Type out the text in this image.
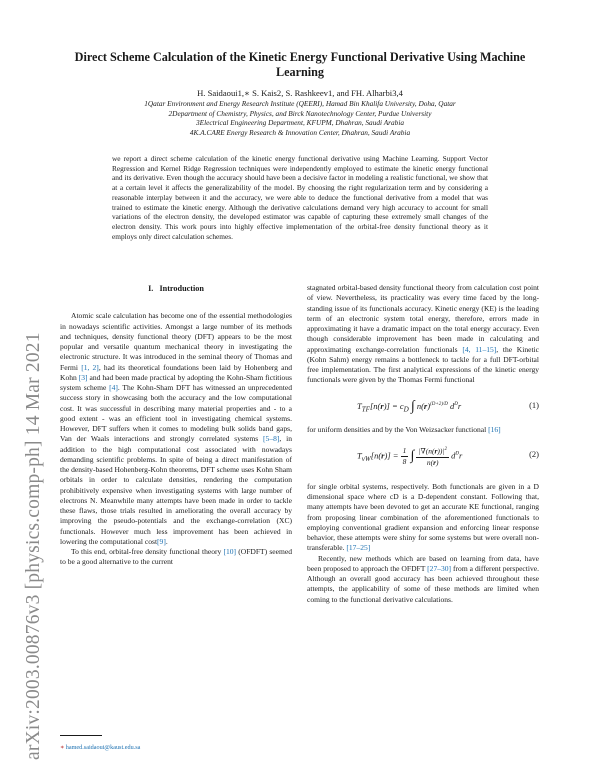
arXiv:2003.00876v3 [physics.comp-ph] 14 Mar 2021
Direct Scheme Calculation of the Kinetic Energy Functional Derivative Using Machine Learning
H. Saidaoui1,∗ S. Kais2, S. Rashkeev1, and FH. Alharbi3,4
1Qatar Environment and Energy Research Institute (QEERI), Hamad Bin Khalifa University, Doha, Qatar
2Department of Chemistry, Physics, and Birck Nanotechnology Center, Purdue University
3Electrical Engineering Department, KFUPM, Dhahran, Saudi Arabia
4K.A.CARE Energy Research & Innovation Center, Dhahran, Saudi Arabia
we report a direct scheme calculation of the kinetic energy functional derivative using Machine Learning. Support Vector Regression and Kernel Ridge Regression techniques were independently employed to estimate the kinetic energy functional and its derivative. Even though the accuracy should have been a decisive factor in modeling a realistic functional, we show that at a certain level it affects the generalizability of the model. By choosing the right regularization term and by considering a reasonable interplay between it and the accuracy, we were able to deduce the functional derivative from a model that was trained to estimate the kinetic energy. Although the derivative calculations demand very high accuracy to account for small variations of the electron density, the developed estimator was capable of capturing these extremely small changes of the electron density. This work pours into highly effective implementation of the orbital-free density functional theory as it employs only direct calculation schemes.
I. Introduction

Atomic scale calculation has become one of the essential methodologies in nowadays scientific activities. Amongst a large number of its methods and techniques, density functional theory (DFT) appears to be the most popular and versatile quantum mechanical theory in investigating the electronic structure. It was introduced in the seminal theory of Thomas and Fermi [1, 2], had its theoretical foundations been laid by Hohenberg and Kohn [3] and had been made practical by adopting the Kohn-Sham fictitious system scheme [4]. The Kohn-Sham DFT has witnessed an unprecedented success story in showcasing both the accuracy and the low computational cost. It was successful in describing many material properties and - to a good extent - was an efficient tool in investigating chemical systems. However, DFT suffers when it comes to modeling bulk solids band gaps, Van der Waals interactions and strongly correlated systems [5–8], in addition to the high computational cost associated with nowadays demanding scientific problems. In spite of being a direct manifestation of the density-based Hohenberg-Kohn theorems, DFT scheme uses Kohn Sham orbitals in order to calculate densities, rendering the computation prohibitively expensive when investigating systems with large number of electrons N. Meanwhile many attempts have been made in order to tackle these flaws, those trials resulted in ameliorating the overall accuracy by improving the pseudo-potentials and the exchange-correlation (XC) functionals. However much less improvement has been achieved in lowering the computational cost[9].

To this end, orbital-free density functional theory [10] (OFDFT) seemed to be a good alternative to the current

stagnated orbital-based density functional theory from calculation cost point of view. Nevertheless, its practicality was every time faced by the long-standing issue of its functionals accuracy. Kinetic energy (KE) is the leading term of an electronic system total energy, therefore, errors made in approximating it have a dramatic impact on the total energy accuracy. Even though considerable improvement has been made in calculating and approximating exchange-correlation functionals [4, 11–15], the Kinetic (Kohn Sahm) energy remains a bottleneck to tackle for a full DFT-orbital free implementation. The first analytical expressions of the kinetic energy functionals were given by the Thomas Fermi functional

$T_{TF}[n(r)] = c_D$ ∫ $n(r)^{(D+2)/D}$ $d^Dr$	(1)

for uniform densities and by the Von Weizsacker functional [16]

$T_{vW}[n(r)] = \frac{1}{8}$ ∫ $\frac{|\nabla(n(r))|^2}{n(r)} d^Dr$	(2)

for single orbital systems, respectively. Both functionals are given in a D dimensional space where cD is a D-dependent constant. Following that, many attempts have been devoted to get an accurate KE functional, ranging from proposing linear combination of the aforementioned functionals to employing conventional gradient expansion and enforcing linear response behavior, these attempts were shiny for some systems but were overall non-transferable. [17–25]

Recently, new methods which are based on learning from data, have been proposed to approach the OFDFT [27–30] from a different perspective. Although an overall good accuracy has been achieved throughout these attempts, the applicability of some of these methods are limited when coming to the functional derivative calculations.

∗ hamed.saidaoui@kaust.edu.sa
